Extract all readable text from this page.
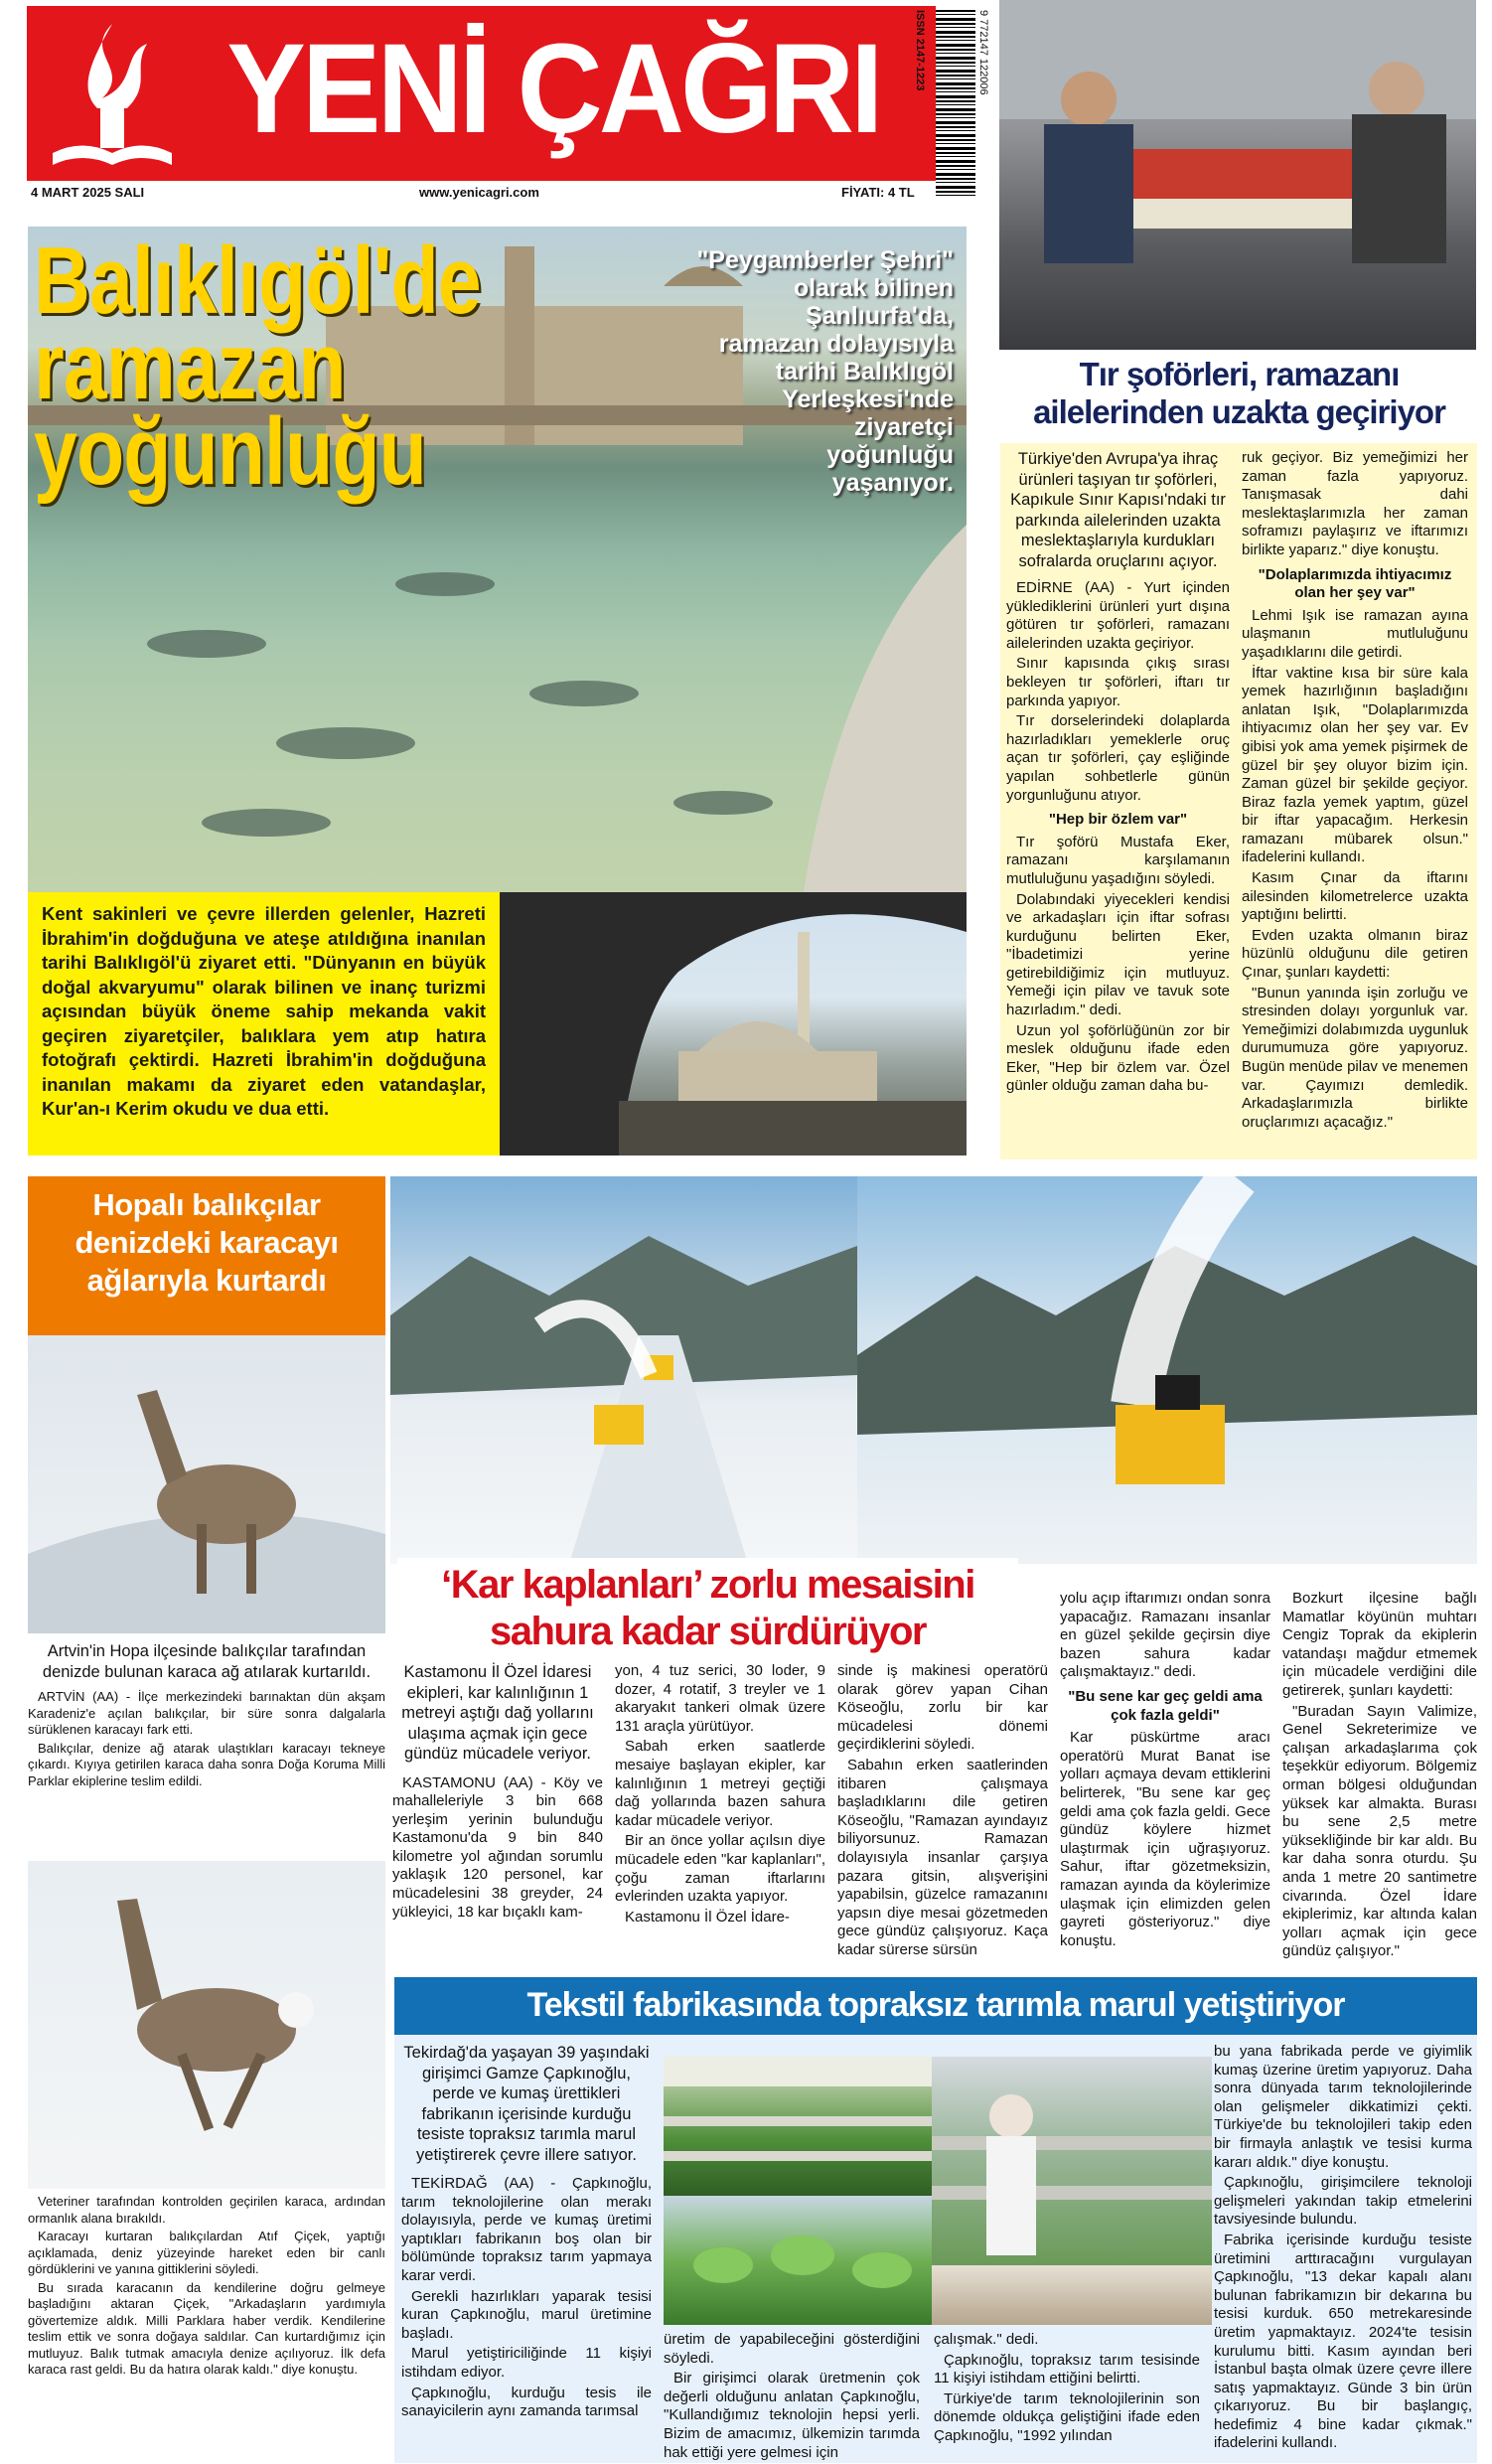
YENİ ÇAĞRI
4 MART 2025 SALI	www.yenicagri.com	FİYATI: 4 TL
ISSN 2147-1223	9 772147 122006
Balıklıgöl'de
ramazan
yoğunluğu
"Peygamberler Şehri"
olarak bilinen
Şanlıurfa'da,
ramazan dolayısıyla
tarihi Balıklıgöl
Yerleşkesi'nde
ziyaretçi
yoğunluğu
yaşanıyor.
Kent sakinleri ve çevre illerden gelenler, Hazreti İbrahim'in doğduğuna ve ateşe atıldığına inanılan tarihi Balıklıgöl'ü ziyaret etti. "Dünyanın en büyük doğal akvaryumu" olarak bilinen ve inanç turizmi açısından büyük öneme sahip mekanda vakit geçiren ziyaretçiler, balıklara yem atıp hatıra fotoğrafı çektirdi. Hazreti İbrahim'in doğduğuna inanılan makamı da ziyaret eden vatandaşlar, Kur'an-ı Kerim okudu ve dua etti.
Tır şoförleri, ramazanı
ailelerinden uzakta geçiriyor
Türkiye'den Avrupa'ya ihraç ürünleri taşıyan tır şoförleri, Kapıkule Sınır Kapısı'ndaki tır parkında ailelerinden uzakta meslektaşlarıyla kurdukları sofralarda oruçlarını açıyor.

EDİRNE (AA) - Yurt içinden yüklediklerini ürünleri yurt dışına götüren tır şoförleri, ramazanı ailelerinden uzakta geçiriyor.

Sınır kapısında çıkış sırası bekleyen tır şoförleri, iftarı tır parkında yapıyor.

Tır dorselerindeki dolaplarda hazırladıkları yemeklerle oruç açan tır şoförleri, çay eşliğinde yapılan sohbetlerle günün yorgunluğunu atıyor.

"Hep bir özlem var"

Tır şoförü Mustafa Eker, ramazanı karşılamanın mutluluğunu yaşadığını söyledi.

Dolabındaki yiyecekleri kendisi ve arkadaşları için iftar sofrası kurduğunu belirten Eker, "İbadetimizi yerine getirebildiğimiz için mutluyuz. Yemeği için pilav ve tavuk sote hazırladım." dedi.

Uzun yol şoförlüğünün zor bir meslek olduğunu ifade eden Eker, "Hep bir özlem var. Özel günler olduğu zaman daha bu-

ruk geçiyor. Biz yemeğimizi her zaman fazla yapıyoruz. Tanışmasak dahi meslektaşlarımızla her zaman soframızı paylaşırız ve iftarımızı birlikte yaparız." diye konuştu.

"Dolaplarımızda ihtiyacımız olan her şey var"

Lehmi Işık ise ramazan ayına ulaşmanın mutluluğunu yaşadıklarını dile getirdi.

İftar vaktine kısa bir süre kala yemek hazırlığının başladığını anlatan Işık, "Dolaplarımızda ihtiyacımız olan her şey var. Ev gibisi yok ama yemek pişirmek de güzel bir şey oluyor bizim için. Zaman güzel bir şekilde geçiyor. Biraz fazla yemek yaptım, güzel bir iftar yapacağım. Herkesin ramazanı mübarek olsun." ifadelerini kullandı.

Kasım Çınar da iftarını ailesinden kilometrelerce uzakta yaptığını belirtti.

Evden uzakta olmanın biraz hüzünlü olduğunu dile getiren Çınar, şunları kaydetti:

"Bunun yanında işin zorluğu ve stresinden dolayı yorgunluk var. Yemeğimizi dolabımızda uygunluk durumumuza göre yapıyoruz. Bugün menüde pilav ve menemen var. Çayımızı demledik. Arkadaşlarımızla birlikte oruçlarımızı açacağız."

Hopalı balıkçılar
denizdeki karacayı
ağlarıyla kurtardı
Artvin'in Hopa ilçesinde balıkçılar tarafından denizde bulunan karaca ağ atılarak kurtarıldı.

ARTVİN (AA) - İlçe merkezindeki barınaktan dün akşam Karadeniz'e açılan balıkçılar, bir süre sonra dalgalarla sürüklenen karacayı fark etti.

Balıkçılar, denize ağ atarak ulaştıkları karacayı tekneye çıkardı. Kıyıya getirilen karaca daha sonra Doğa Koruma Milli Parklar ekiplerine teslim edildi.

Veteriner tarafından kontrolden geçirilen karaca, ardından ormanlık alana bırakıldı.

Karacayı kurtaran balıkçılardan Atıf Çiçek, yaptığı açıklamada, deniz yüzeyinde hareket eden bir canlı gördüklerini ve yanına gittiklerini söyledi.

Bu sırada karacanın da kendilerine doğru gelmeye başladığını aktaran Çiçek, "Arkadaşların yardımıyla gövertemize aldık. Milli Parklara haber verdik. Kendilerine teslim ettik ve sonra doğaya saldılar. Can kurtardığımız için mutluyuz. Balık tutmak amacıyla denize açılıyoruz. İlk defa karaca rast geldi. Bu da hatıra olarak kaldı." diye konuştu.

‘Kar kaplanları’ zorlu mesaisini
sahura kadar sürdürüyor
Kastamonu İl Özel İdaresi ekipleri, kar kalınlığının 1 metreyi aştığı dağ yollarını ulaşıma açmak için gece gündüz mücadele veriyor.

KASTAMONU (AA) - Köy ve mahalleleriyle 3 bin 668 yerleşim yerinin bulunduğu Kastamonu'da 9 bin 840 kilometre yol ağından sorumlu yaklaşık 120 personel, kar mücadelesini 38 greyder, 24 yükleyici, 18 kar bıçaklı kam-

yon, 4 tuz serici, 30 loder, 9 dozer, 4 rotatif, 3 treyler ve 1 akaryakıt tankeri olmak üzere 131 araçla yürütüyor.

Sabah erken saatlerde mesaiye başlayan ekipler, kar kalınlığının 1 metreyi geçtiği dağ yollarında bazen sahura kadar mücadele veriyor.

Bir an önce yollar açılsın diye mücadele eden "kar kaplanları", çoğu zaman iftarlarını evlerinden uzakta yapıyor.

Kastamonu İl Özel İdare-

sinde iş makinesi operatörü olarak görev yapan Cihan Köseoğlu, zorlu bir kar mücadelesi dönemi geçirdiklerini söyledi.

Sabahın erken saatlerinden itibaren çalışmaya başladıklarını dile getiren Köseoğlu, "Ramazan ayındayız biliyorsunuz. Ramazan dolayısıyla insanlar çarşıya pazara gitsin, alışverişini yapabilsin, güzelce ramazanını yapsın diye mesai gözetmeden gece gündüz çalışıyoruz. Kaça kadar sürerse sürsün

yolu açıp iftarımızı ondan sonra yapacağız. Ramazanı insanlar en güzel şekilde geçirsin diye bazen sahura kadar çalışmaktayız." dedi.

"Bu sene kar geç geldi ama çok fazla geldi"

Kar püskürtme aracı operatörü Murat Banat ise yolları açmaya devam ettiklerini belirterek, "Bu sene kar geç geldi ama çok fazla geldi. Gece gündüz köylere hizmet ulaştırmak için uğraşıyoruz. Sahur, iftar gözetmeksizin, ramazan ayında da köylerimize ulaşmak için elimizden gelen gayreti gösteriyoruz." diye konuştu.

Bozkurt ilçesine bağlı Mamatlar köyünün muhtarı Cengiz Toprak da ekiplerin vatandaşı mağdur etmemek için mücadele verdiğini dile getirerek, şunları kaydetti:

"Buradan Sayın Valimize, Genel Sekreterimize ve çalışan arkadaşlarıma çok teşekkür ediyorum. Bölgemiz orman bölgesi olduğundan yüksek kar almakta. Burası bu sene 2,5 metre yüksekliğinde bir kar aldı. Bu kar daha sonra oturdu. Şu anda 1 metre 20 santimetre civarında. Özel İdare ekiplerimiz, kar altında kalan yolları açmak için gece gündüz çalışıyor."

Tekstil fabrikasında topraksız tarımla marul yetiştiriyor
Tekirdağ'da yaşayan 39 yaşındaki girişimci Gamze Çapkınoğlu, perde ve kumaş ürettikleri fabrikanın içerisinde kurduğu tesiste topraksız tarımla marul yetiştirerek çevre illere satıyor.

TEKİRDAĞ (AA) - Çapkınoğlu, tarım teknolojilerine olan merakı dolayısıyla, perde ve kumaş üretimi yaptıkları fabrikanın boş olan bir bölümünde topraksız tarım yapmaya karar verdi.

Gerekli hazırlıkları yaparak tesisi kuran Çapkınoğlu, marul üretimine başladı.

Marul yetiştiriciliğinde 11 kişiyi istihdam ediyor.

Çapkınoğlu, kurduğu tesis ile sanayicilerin aynı zamanda tarımsal

üretim de yapabileceğini gösterdiğini söyledi.

Bir girişimci olarak üretmenin çok değerli olduğunu anlatan Çapkınoğlu, "Kullandığımız teknolojin hepsi yerli. Bizim de amacımız, ülkemizin tarımda hak ettiği yere gelmesi için

çalışmak." dedi.

Çapkınoğlu, topraksız tarım tesisinde 11 kişiyi istihdam ettiğini belirtti.

Türkiye'de tarım teknolojilerinin son dönemde oldukça geliştiğini ifade eden Çapkınoğlu, "1992 yılından

bu yana fabrikada perde ve giyimlik kumaş üzerine üretim yapıyoruz. Daha sonra dünyada tarım teknolojilerinde olan gelişmeler dikkatimizi çekti. Türkiye'de bu teknolojileri takip eden bir firmayla anlaştık ve tesisi kurma kararı aldık." diye konuştu.

Çapkınoğlu, girişimcilere teknoloji gelişmeleri yakından takip etmelerini tavsiyesinde bulundu.

Fabrika içerisinde kurduğu tesiste üretimini arttıracağını vurgulayan Çapkınoğlu, "13 dekar kapalı alanı bulunan fabrikamızın bir dekarına bu tesisi kurduk. 650 metrekaresinde üretim yapmaktayız. 2024'te tesisin kurulumu bitti. Kasım ayından beri İstanbul başta olmak üzere çevre illere satış yapmaktayız. Günde 3 bin ürün çıkarıyoruz. Bu bir başlangıç, hedefimiz 4 bine kadar çıkmak." ifadelerini kullandı.
